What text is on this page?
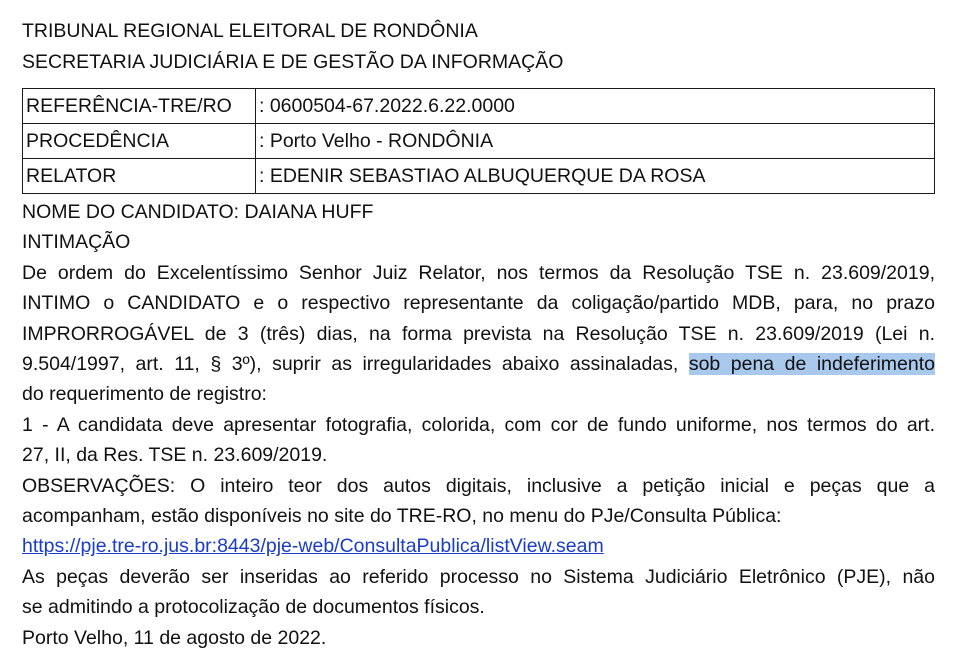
TRIBUNAL REGIONAL ELEITORAL DE RONDÔNIA
SECRETARIA JUDICIÁRIA E DE GESTÃO DA INFORMAÇÃO
REFERÊNCIA-TRE/RO	: 0600504-67.2022.6.22.0000
PROCEDÊNCIA	: Porto Velho - RONDÔNIA
RELATOR	: EDENIR SEBASTIAO ALBUQUERQUE DA ROSA
NOME DO CANDIDATO: DAIANA HUFF
INTIMAÇÃO
De ordem do Excelentíssimo Senhor Juiz Relator, nos termos da Resolução TSE n. 23.609/2019,
INTIMO o CANDIDATO e o respectivo representante da coligação/partido MDB, para, no prazo
IMPRORROGÁVEL de 3 (três) dias, na forma prevista na Resolução TSE n. 23.609/2019 (Lei n.
9.504/1997, art. 11, § 3º), suprir as irregularidades abaixo assinaladas, sob pena de indeferimento
do requerimento de registro:
1 - A candidata deve apresentar fotografia, colorida, com cor de fundo uniforme, nos termos do art.
27, II, da Res. TSE n. 23.609/2019.
OBSERVAÇÕES: O inteiro teor dos autos digitais, inclusive a petição inicial e peças que a
acompanham, estão disponíveis no site do TRE-RO, no menu do PJe/Consulta Pública:
https://pje.tre-ro.jus.br:8443/pje-web/ConsultaPublica/listView.seam
As peças deverão ser inseridas ao referido processo no Sistema Judiciário Eletrônico (PJE), não
se admitindo a protocolização de documentos físicos.
Porto Velho, 11 de agosto de 2022.
